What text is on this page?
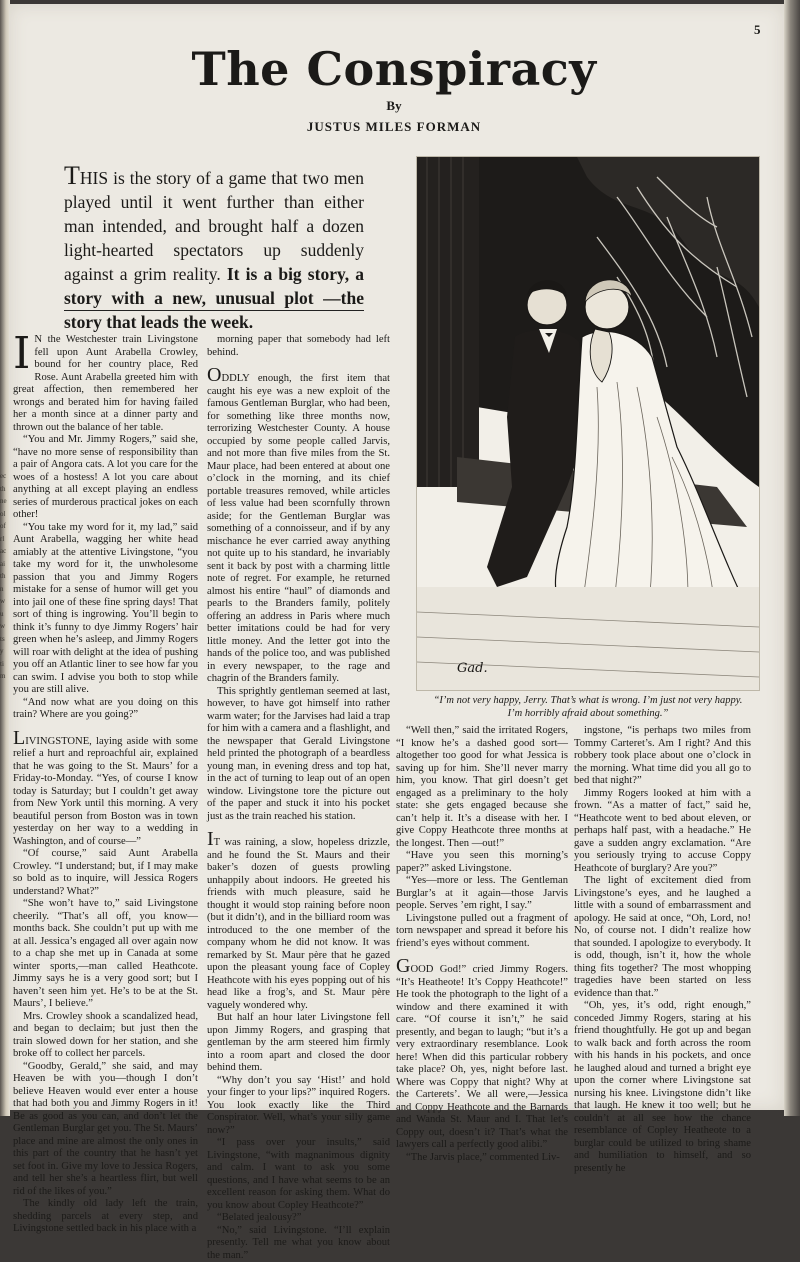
ec th ne ol of rl ac ai th n w u w ts y ti m
5
The Conspiracy
By
JUSTUS MILES FORMAN

THIS is the story of a game that two men played until it went further than either man intended, and brought half a dozen light-hearted spectators up suddenly against a grim reality. It is a big story, a story with a new, unusual plot —the story that leads the week.

Gad.
“I’m not very happy, Jerry. That’s what is wrong. I’m just not very happy. I’m horribly afraid about something.”

I N the Westchester train Livingstone fell upon Aunt Arabella Crowley, bound for her country place, Red Rose. Aunt Arabella greeted him with great affection, then remembered her wrongs and berated him for having failed her a month since at a dinner party and thrown out the balance of her table.

“You and Mr. Jimmy Rogers,” said she, “have no more sense of responsibility than a pair of Angora cats. A lot you care for the woes of a hostess! A lot you care about anything at all except playing an endless series of murderous practical jokes on each other!

“You take my word for it, my lad,” said Aunt Arabella, wagging her white head amiably at the attentive Livingstone, “you take my word for it, the unwholesome passion that you and Jimmy Rogers mistake for a sense of humor will get you into jail one of these fine spring days! That sort of thing is ingrowing. You’ll begin to think it’s funny to dye Jimmy Rogers’ hair green when he’s asleep, and Jimmy Rogers will roar with delight at the idea of pushing you off an Atlantic liner to see how far you can swim. I advise you both to stop while you are still alive.

“And now what are you doing on this train? Where are you going?”

LIVINGSTONE, laying aside with some relief a hurt and reproachful air, explained that he was going to the St. Maurs’ for a Friday-to-Monday. “Yes, of course I know today is Saturday; but I couldn’t get away from New York until this morning. A very beautiful person from Boston was in town yesterday on her way to a wedding in Washington, and of course—”

“Of course,” said Aunt Arabella Crowley. “I understand; but, if I may make so bold as to inquire, will Jessica Rogers understand? What?”

“She won’t have to,” said Livingstone cheerily. “That’s all off, you know—months back. She couldn’t put up with me at all. Jessica’s engaged all over again now to a chap she met up in Canada at some winter sports,—man called Heathcote. Jimmy says he is a very good sort; but I haven’t seen him yet. He’s to be at the St. Maurs’, I believe.”

Mrs. Crowley shook a scandalized head, and began to declaim; but just then the train slowed down for her station, and she broke off to collect her parcels.

“Goodby, Gerald,” she said, and may Heaven be with you—though I don’t believe Heaven would ever enter a house that had both you and Jimmy Rogers in it! Be as good as you can, and don’t let the Gentleman Burglar get you. The St. Maurs’ place and mine are almost the only ones in this part of the country that he hasn’t yet set foot in. Give my love to Jessica Rogers, and tell her she’s a heartless flirt, but well rid of the likes of you.”

The kindly old lady left the train, shedding parcels at every step, and Livingstone settled back in his place with a

morning paper that somebody had left behind.

ODDLY enough, the first item that caught his eye was a new exploit of the famous Gentleman Burglar, who had been, for something like three months now, terrorizing Westchester County. A house occupied by some people called Jarvis, and not more than five miles from the St. Maur place, had been entered at about one o’clock in the morning, and its chief portable treasures removed, while articles of less value had been scornfully thrown aside; for the Gentleman Burglar was something of a connoisseur, and if by any mischance he ever carried away anything not quite up to his standard, he invariably sent it back by post with a charming little note of regret. For example, he returned almost his entire “haul” of diamonds and pearls to the Branders family, politely offering an address in Paris where much better imitations could be had for very little money. And the letter got into the hands of the police too, and was published in every newspaper, to the rage and chagrin of the Branders family.

This sprightly gentleman seemed at last, however, to have got himself into rather warm water; for the Jarvises had laid a trap for him with a camera and a flashlight, and the newspaper that Gerald Livingstone held printed the photograph of a beardless young man, in evening dress and top hat, in the act of turning to leap out of an open window. Livingstone tore the picture out of the paper and stuck it into his pocket just as the train reached his station.

IT was raining, a slow, hopeless drizzle, and he found the St. Maurs and their baker’s dozen of guests prowling unhappily about indoors. He greeted his friends with much pleasure, said he thought it would stop raining before noon (but it didn’t), and in the billiard room was introduced to the one member of the company whom he did not know. It was remarked by St. Maur père that he gazed upon the pleasant young face of Copley Heathcote with his eyes popping out of his head like a frog’s, and St. Maur père vaguely wondered why.

But half an hour later Livingstone fell upon Jimmy Rogers, and grasping that gentleman by the arm steered him firmly into a room apart and closed the door behind them.

“Why don’t you say ‘Hist!’ and hold your finger to your lips?” inquired Rogers. You look exactly like the Third Conspirator. Well, what’s your silly game now?”

“I pass over your insults,” said Livingstone, “with magnanimous dignity and calm. I want to ask you some questions, and I have what seems to be an excellent reason for asking them. What do you know about Copley Heathcote?”

“Belated jealousy?”

“No,” said Livingstone. “I’ll explain presently. Tell me what you know about the man.”

“Well then,” said the irritated Rogers, “I know he’s a dashed good sort—altogether too good for what Jessica is saving up for him. She’ll never marry him, you know. That girl doesn’t get engaged as a preliminary to the holy state: she gets engaged because she can’t help it. It’s a disease with her. I give Coppy Heathcote three months at the longest. Then —out!”

“Have you seen this morning’s paper?” asked Livingstone.

“Yes—more or less. The Gentleman Burglar’s at it again—those Jarvis people. Serves ’em right, I say.”

Livingstone pulled out a fragment of torn newspaper and spread it before his friend’s eyes without comment.

GOOD God!” cried Jimmy Rogers. “It’s Heatheote! It’s Coppy Heathcote!” He took the photograph to the light of a window and there examined it with care. “Of course it isn’t,” he said presently, and began to laugh; “but it’s a very extraordinary resemblance. Look here! When did this particular robbery take place? Oh, yes, night before last. Where was Coppy that night? Why at the Carterets’. We all were,—Jessica and Coppy Heathcote and the Barnards and Wanda St. Maur and I. That let’s Coppy out, doesn’t it? That’s what the lawyers call a perfectly good alibi.”

“The Jarvis place,” commented Liv-

ingstone, “is perhaps two miles from Tommy Carteret’s. Am I right? And this robbery took place about one o’clock in the morning. What time did you all go to bed that night?”

Jimmy Rogers looked at him with a frown. “As a matter of fact,” said he, “Heathcote went to bed about eleven, or perhaps half past, with a headache.” He gave a sudden angry exclamation. “Are you seriously trying to accuse Coppy Heathcote of burglary? Are you?”

The light of excitement died from Livingstone’s eyes, and he laughed a little with a sound of embarrassment and apology. He said at once, “Oh, Lord, no! No, of course not. I didn’t realize how that sounded. I apologize to everybody. It is odd, though, isn’t it, how the whole thing fits together? The most whopping tragedies have been started on less evidence than that.”

“Oh, yes, it’s odd, right enough,” conceded Jimmy Rogers, staring at his friend thoughtfully. He got up and began to walk back and forth across the room with his hands in his pockets, and once he laughed aloud and turned a bright eye upon the corner where Livingstone sat nursing his knee. Livingstone didn’t like that laugh. He knew it too well; but he couldn’t at all see how the chance resemblance of Copley Heatheote to a burglar could be utilized to bring shame and humiliation to himself, and so presently he
